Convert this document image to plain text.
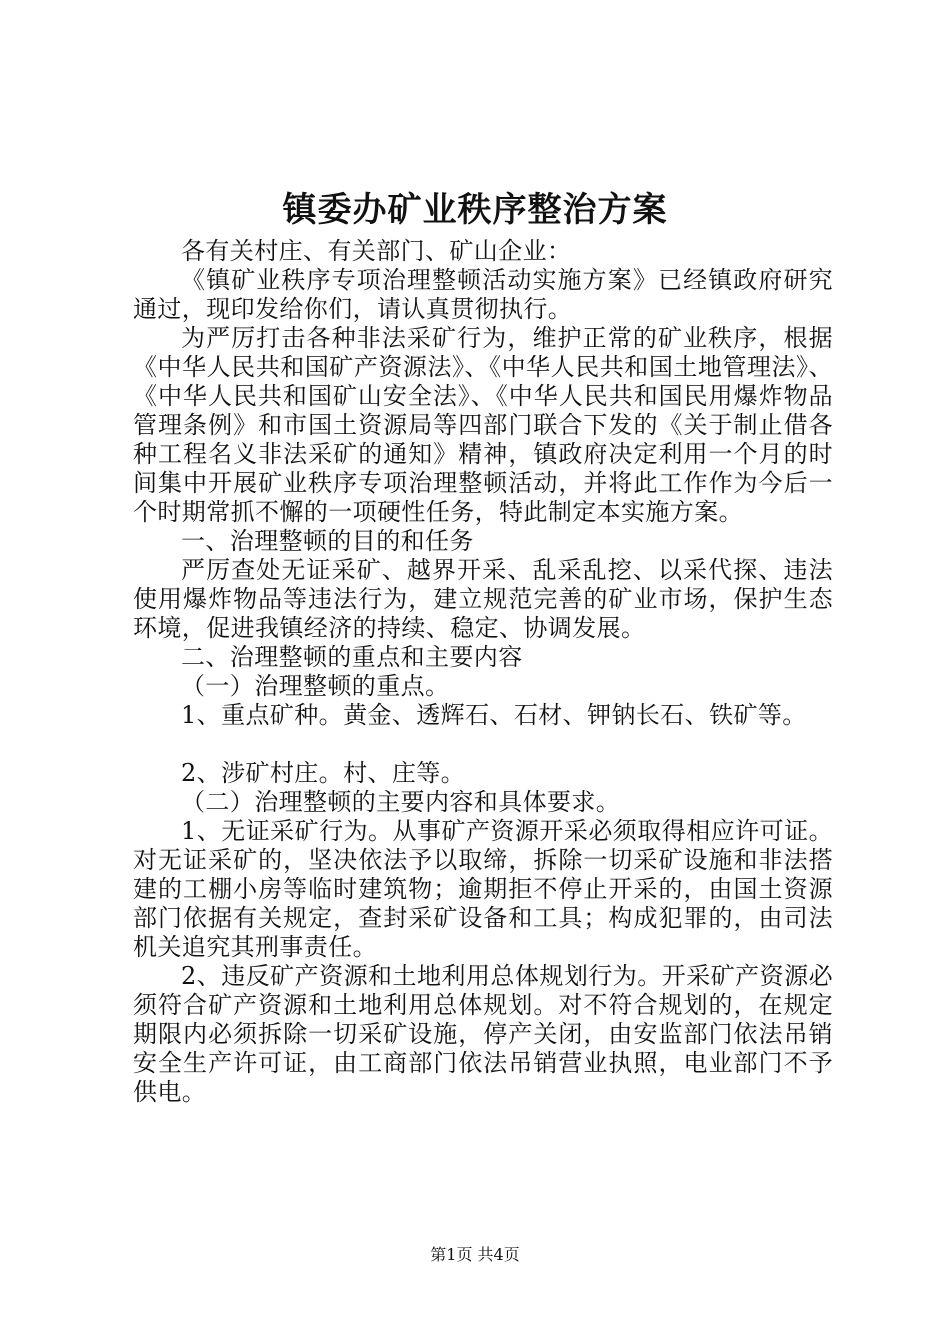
镇委办矿业秩序整治方案

各有关村庄、有关部门、矿山企业：

《镇矿业秩序专项治理整顿活动实施方案》已经镇政府研究通过，现印发给你们，请认真贯彻执行。

为严厉打击各种非法采矿行为，维护正常的矿业秩序，根据《中华人民共和国矿产资源法》、《中华人民共和国土地管理法》、《中华人民共和国矿山安全法》、《中华人民共和国民用爆炸物品管理条例》和市国土资源局等四部门联合下发的《关于制止借各种工程名义非法采矿的通知》精神，镇政府决定利用一个月的时间集中开展矿业秩序专项治理整顿活动，并将此工作作为今后一个时期常抓不懈的一项硬性任务，特此制定本实施方案。

一、治理整顿的目的和任务

严厉查处无证采矿、越界开采、乱采乱挖、以采代探、违法使用爆炸物品等违法行为，建立规范完善的矿业市场，保护生态环境，促进我镇经济的持续、稳定、协调发展。

二、治理整顿的重点和主要内容

（一）治理整顿的重点。

1、重点矿种。黄金、透辉石、石材、钾钠长石、铁矿等。

2、涉矿村庄。村、庄等。

（二）治理整顿的主要内容和具体要求。

1、无证采矿行为。从事矿产资源开采必须取得相应许可证。对无证采矿的，坚决依法予以取缔，拆除一切采矿设施和非法搭建的工棚小房等临时建筑物；逾期拒不停止开采的，由国土资源部门依据有关规定，查封采矿设备和工具；构成犯罪的，由司法机关追究其刑事责任。

2、违反矿产资源和土地利用总体规划行为。开采矿产资源必须符合矿产资源和土地利用总体规划。对不符合规划的，在规定期限内必须拆除一切采矿设施，停产关闭，由安监部门依法吊销安全生产许可证，由工商部门依法吊销营业执照，电业部门不予供电。

第1页 共4页
